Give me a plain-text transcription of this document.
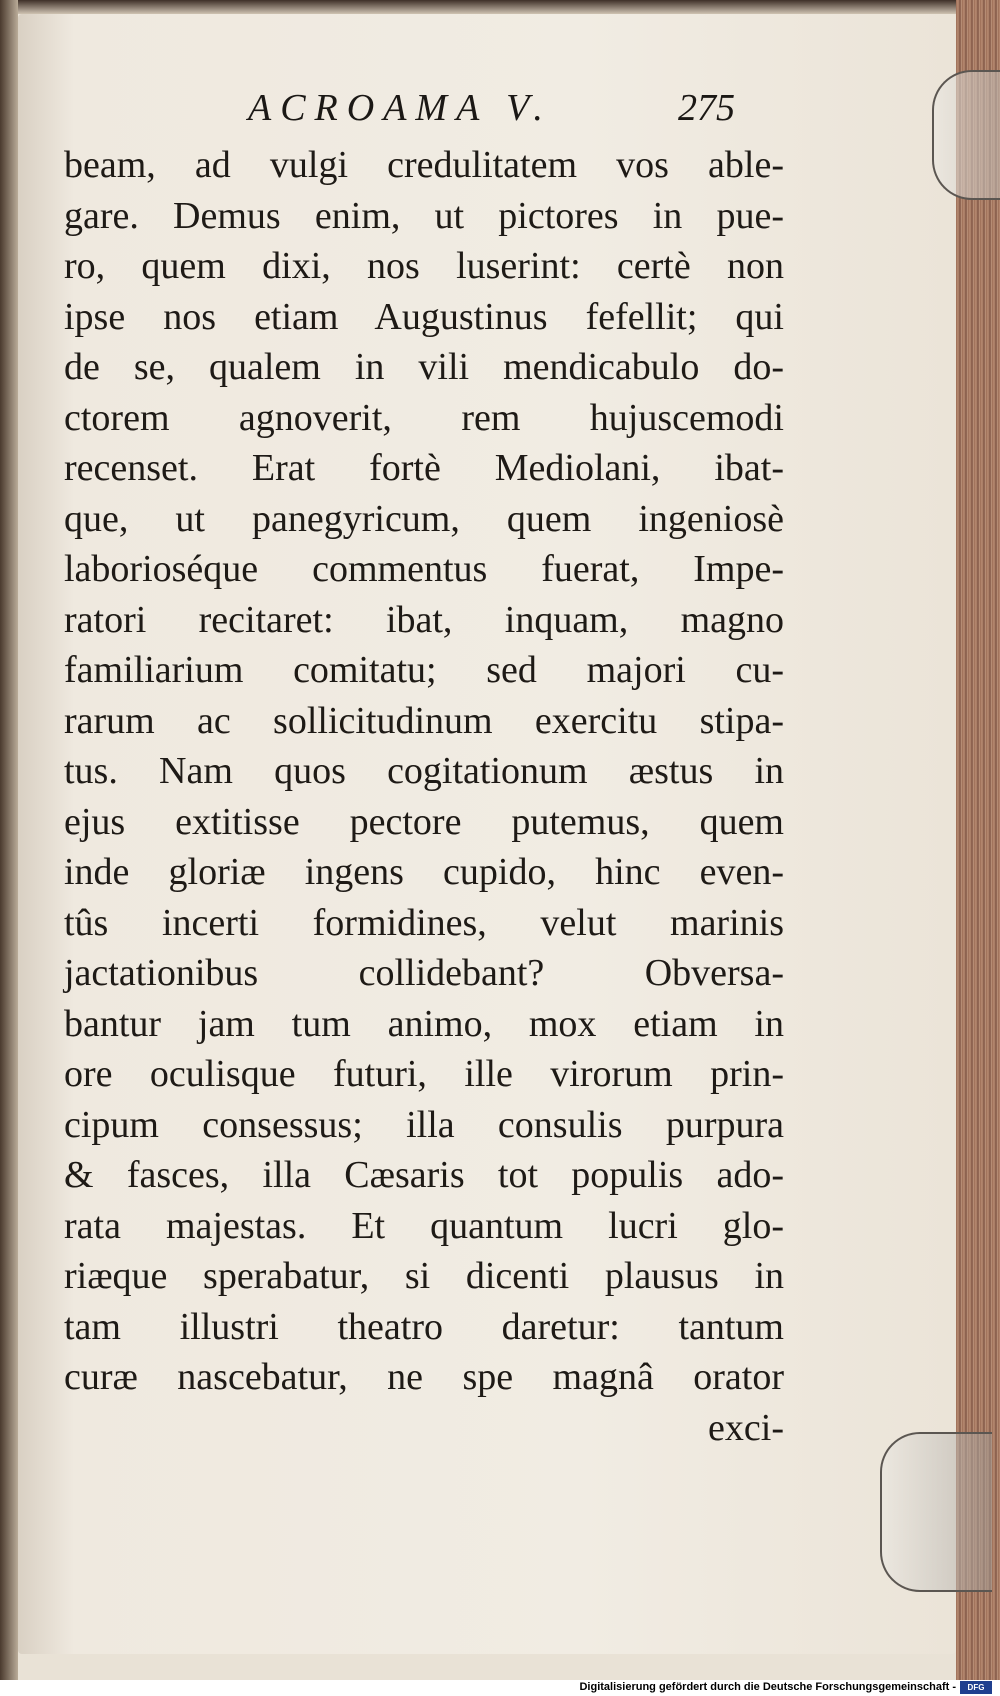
ACROAMA V.	275
beam, ad vulgi credulitatem vos able-
gare. Demus enim, ut pictores in pue-
ro, quem dixi, nos luserint: certè non
ipse nos etiam Augustinus fefellit; qui
de se, qualem in vili mendicabulo do-
ctorem agnoverit, rem hujuscemodi
recenset. Erat fortè Mediolani, ibat-
que, ut panegyricum, quem ingeniosè
laborioséque commentus fuerat, Impe-
ratori recitaret: ibat, inquam, magno
familiarium comitatu; sed majori cu-
rarum ac sollicitudinum exercitu stipa-
tus. Nam quos cogitationum æstus in
ejus extitisse pectore putemus, quem
inde gloriæ ingens cupido, hinc even-
tûs incerti formidines, velut marinis
jactationibus collidebant? Obversa-
bantur jam tum animo, mox etiam in
ore oculisque futuri, ille virorum prin-
cipum consessus; illa consulis purpura
& fasces, illa Cæsaris tot populis ado-
rata majestas. Et quantum lucri glo-
riæque sperabatur, si dicenti plausus in
tam illustri theatro daretur: tantum
curæ nascebatur, ne spe magnâ orator
exci-
Digitalisierung gefördert durch die Deutsche Forschungsgemeinschaft -	DFG
